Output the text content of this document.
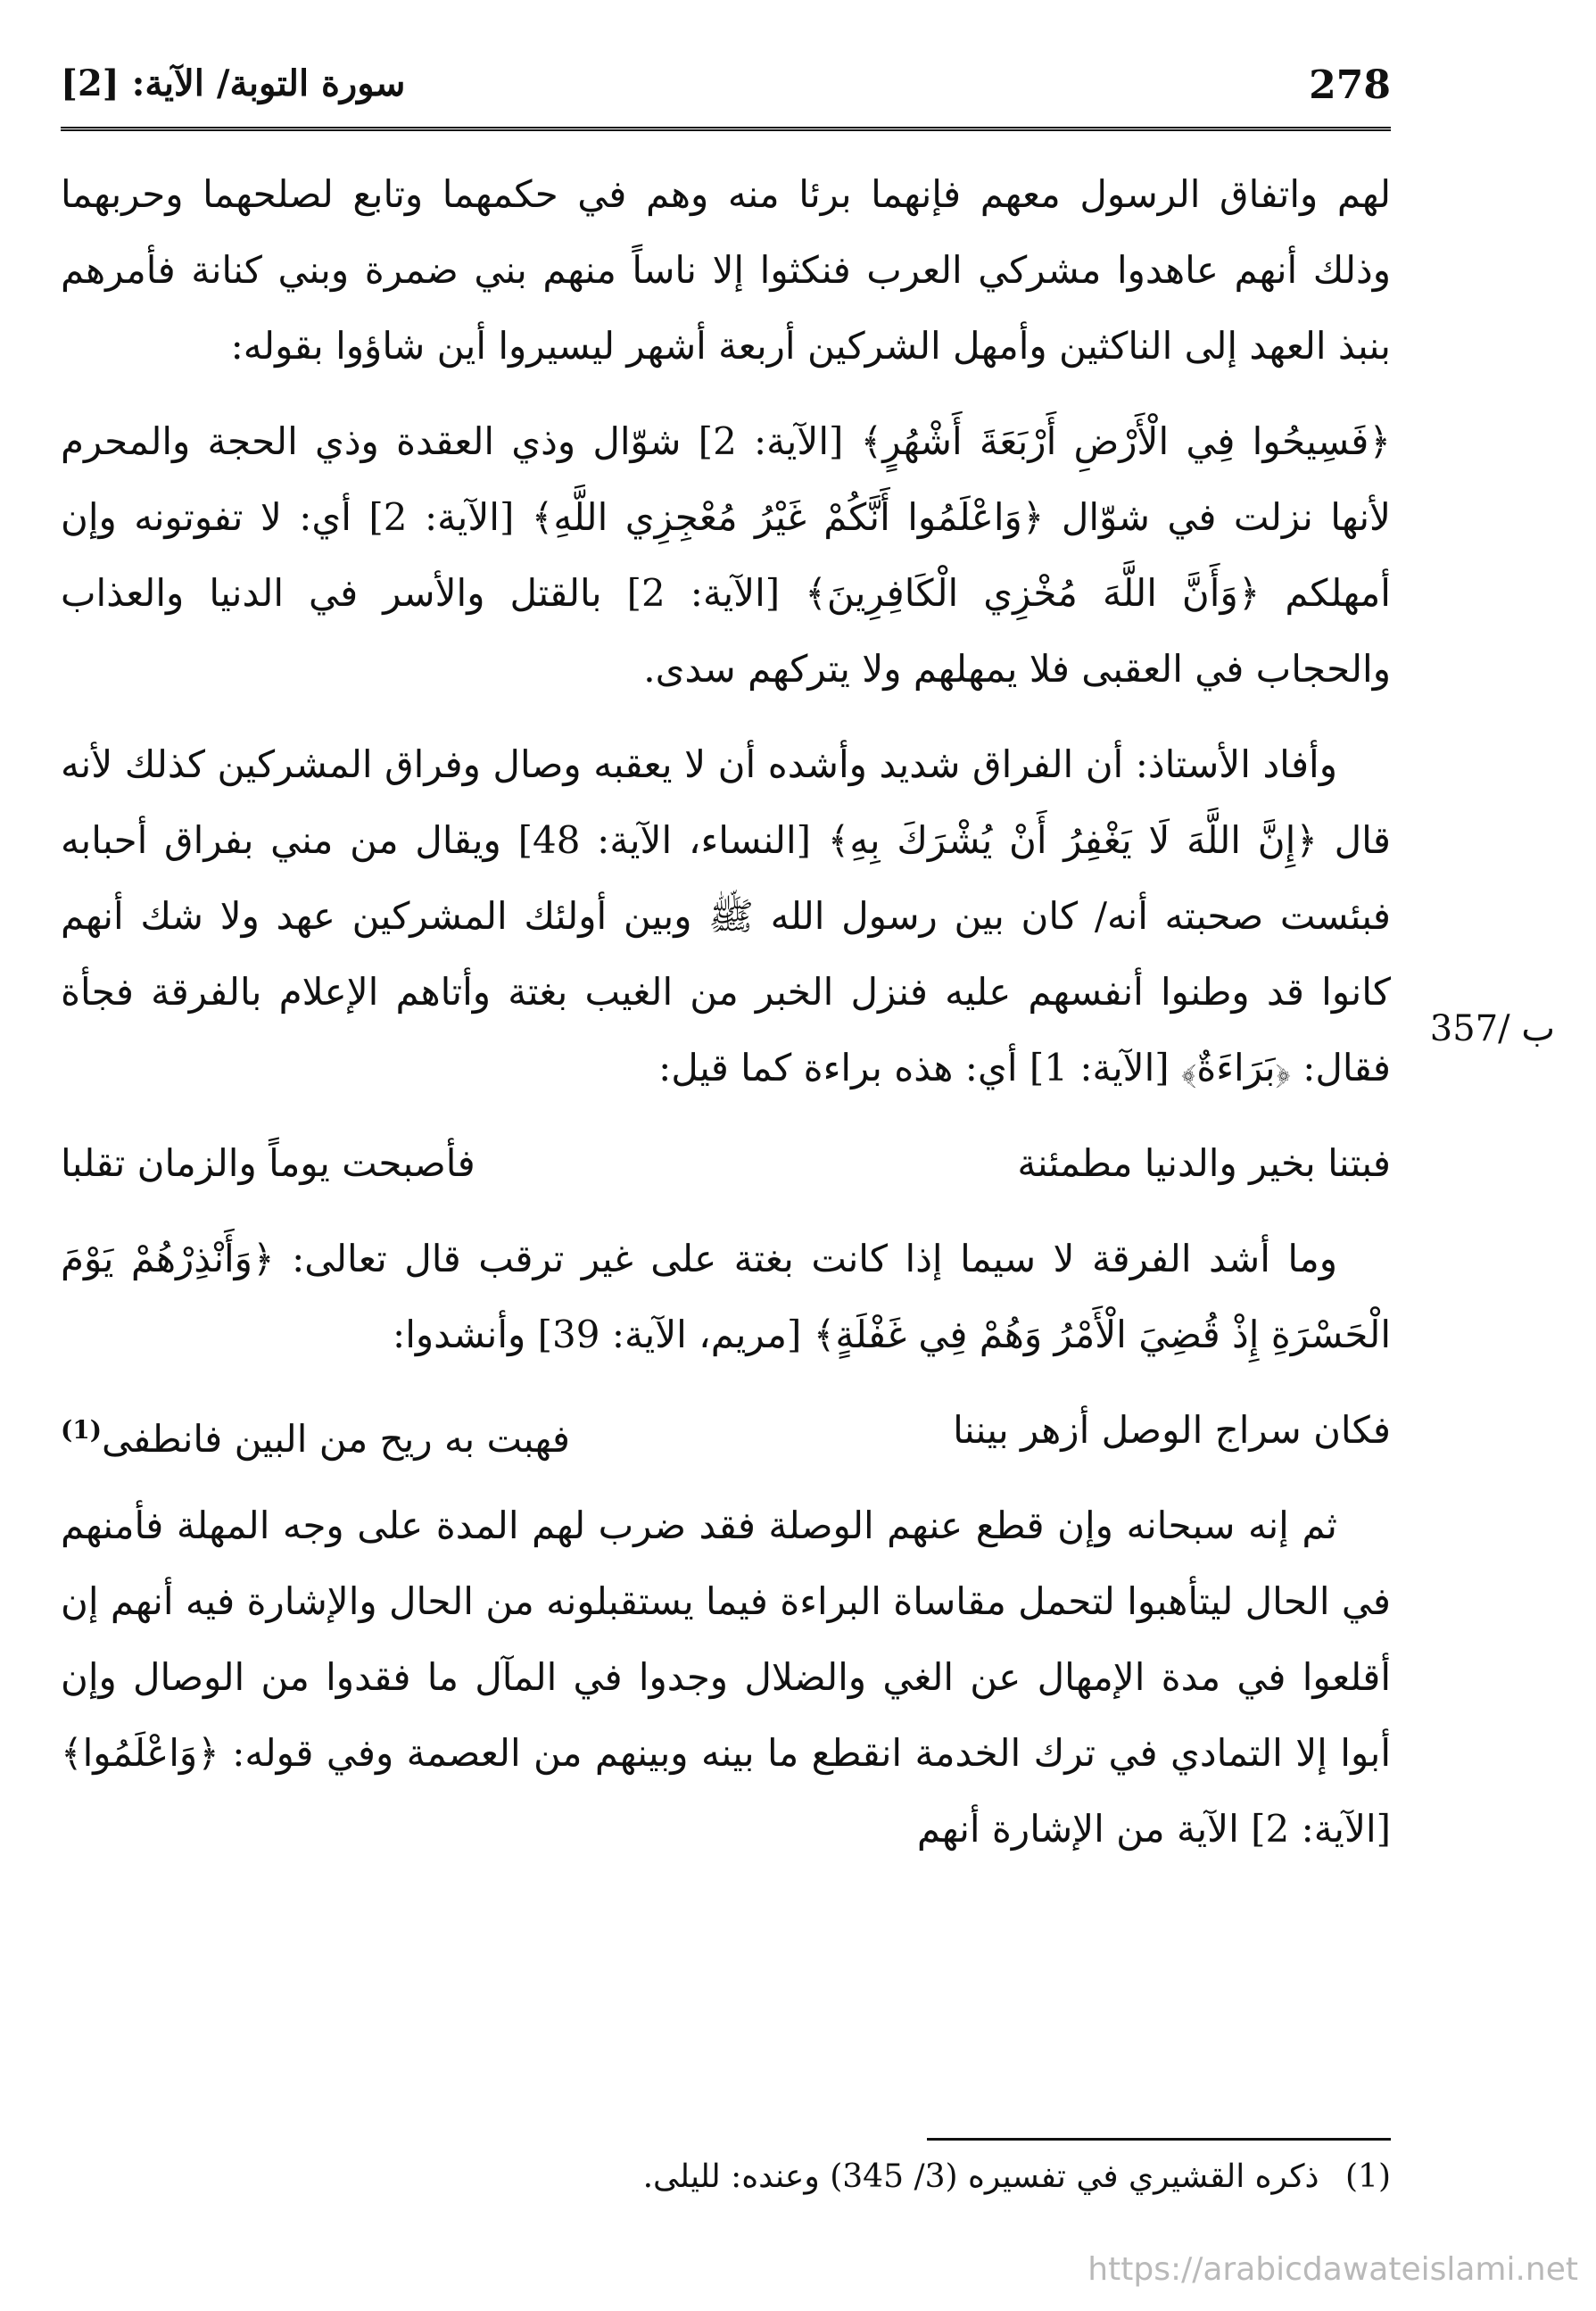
278
سورة التوبة/ الآية: [2]
357/ ب

لهم واتفاق الرسول معهم فإنهما برئا منه وهم في حكمهما وتابع لصلحهما وحربهما وذلك أنهم عاهدوا مشركي العرب فنكثوا إلا ناساً منهم بني ضمرة وبني كنانة فأمرهم بنبذ العهد إلى الناكثين وأمهل الشركين أربعة أشهر ليسيروا أين شاؤوا بقوله:

﴿فَسِيحُوا فِي الْأَرْضِ أَرْبَعَةَ أَشْهُرٍ﴾ [الآية: 2] شوّال وذي العقدة وذي الحجة والمحرم لأنها نزلت في شوّال ﴿وَاعْلَمُوا أَنَّكُمْ غَيْرُ مُعْجِزِي اللَّهِ﴾ [الآية: 2] أي: لا تفوتونه وإن أمهلكم ﴿وَأَنَّ اللَّهَ مُخْزِي الْكَافِرِينَ﴾ [الآية: 2] بالقتل والأسر في الدنيا والعذاب والحجاب في العقبى فلا يمهلهم ولا يتركهم سدى.

وأفاد الأستاذ: أن الفراق شديد وأشده أن لا يعقبه وصال وفراق المشركين كذلك لأنه قال ﴿إِنَّ اللَّهَ لَا يَغْفِرُ أَنْ يُشْرَكَ بِهِ﴾ [النساء، الآية: 48] ويقال من مني بفراق أحبابه فبئست صحبته أنه/ كان بين رسول الله ﷺ وبين أولئك المشركين عهد ولا شك أنهم كانوا قد وطنوا أنفسهم عليه فنزل الخبر من الغيب بغتة وأتاهم الإعلام بالفرقة فجأة فقال: ﴿بَرَاءَةٌ﴾ [الآية: 1] أي: هذه براءة كما قيل:

فبتنا بخير والدنيا مطمئنة
فأصبحت يوماً والزمان تقلبا

وما أشد الفرقة لا سيما إذا كانت بغتة على غير ترقب قال تعالى: ﴿وَأَنْذِرْهُمْ يَوْمَ الْحَسْرَةِ إِذْ قُضِيَ الْأَمْرُ وَهُمْ فِي غَفْلَةٍ﴾ [مريم، الآية: 39] وأنشدوا:

فكان سراج الوصل أزهر بيننا
فهبت به ريح من البين فانطفى$^{(1)}$

ثم إنه سبحانه وإن قطع عنهم الوصلة فقد ضرب لهم المدة على وجه المهلة فأمنهم في الحال ليتأهبوا لتحمل مقاساة البراءة فيما يستقبلونه من الحال والإشارة فيه أنهم إن أقلعوا في مدة الإمهال عن الغي والضلال وجدوا في المآل ما فقدوا من الوصال وإن أبوا إلا التمادي في ترك الخدمة انقطع ما بينه وبينهم من العصمة وفي قوله: ﴿وَاعْلَمُوا﴾ [الآية: 2] الآية من الإشارة أنهم

(1) ذكره القشيري في تفسيره (3/ 345) وعنده: لليلى.
https://arabicdawateislami.net
